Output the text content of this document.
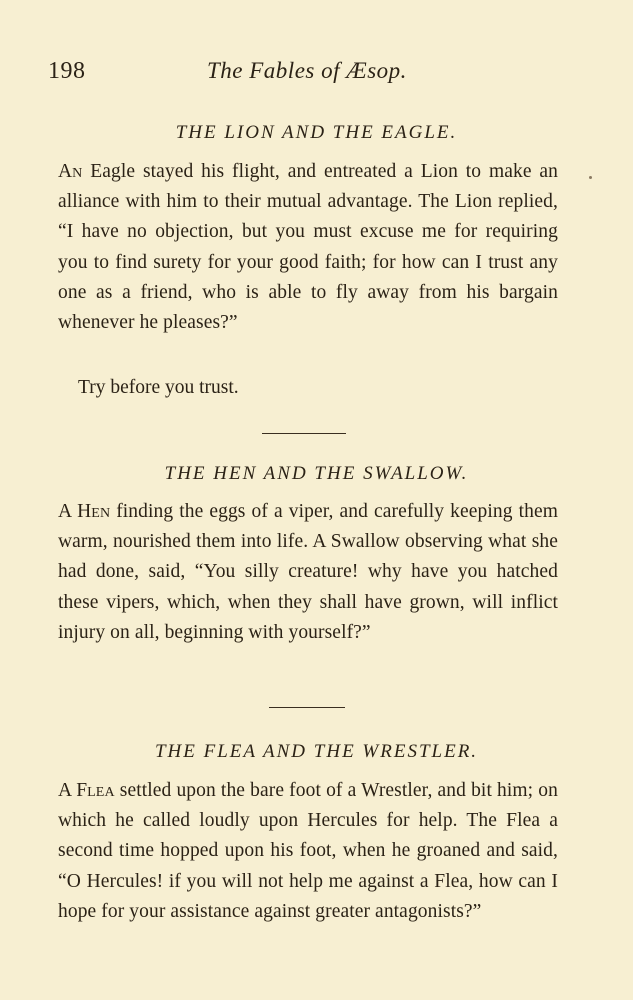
198	The Fables of Æsop.
THE LION AND THE EAGLE.

An Eagle stayed his flight, and entreated a Lion to make an alliance with him to their mutual advantage. The Lion replied, “I have no objection, but you must excuse me for requiring you to find surety for your good faith; for how can I trust any one as a friend, who is able to fly away from his bargain whenever he pleases?”

Try before you trust.

THE HEN AND THE SWALLOW.

A Hen finding the eggs of a viper, and carefully keeping them warm, nourished them into life. A Swallow observing what she had done, said, “You silly creature! why have you hatched these vipers, which, when they shall have grown, will inflict injury on all, beginning with yourself?”

THE FLEA AND THE WRESTLER.

A Flea settled upon the bare foot of a Wrestler, and bit him; on which he called loudly upon Hercules for help. The Flea a second time hopped upon his foot, when he groaned and said, “O Hercules! if you will not help me against a Flea, how can I hope for your assistance against greater antagonists?”
